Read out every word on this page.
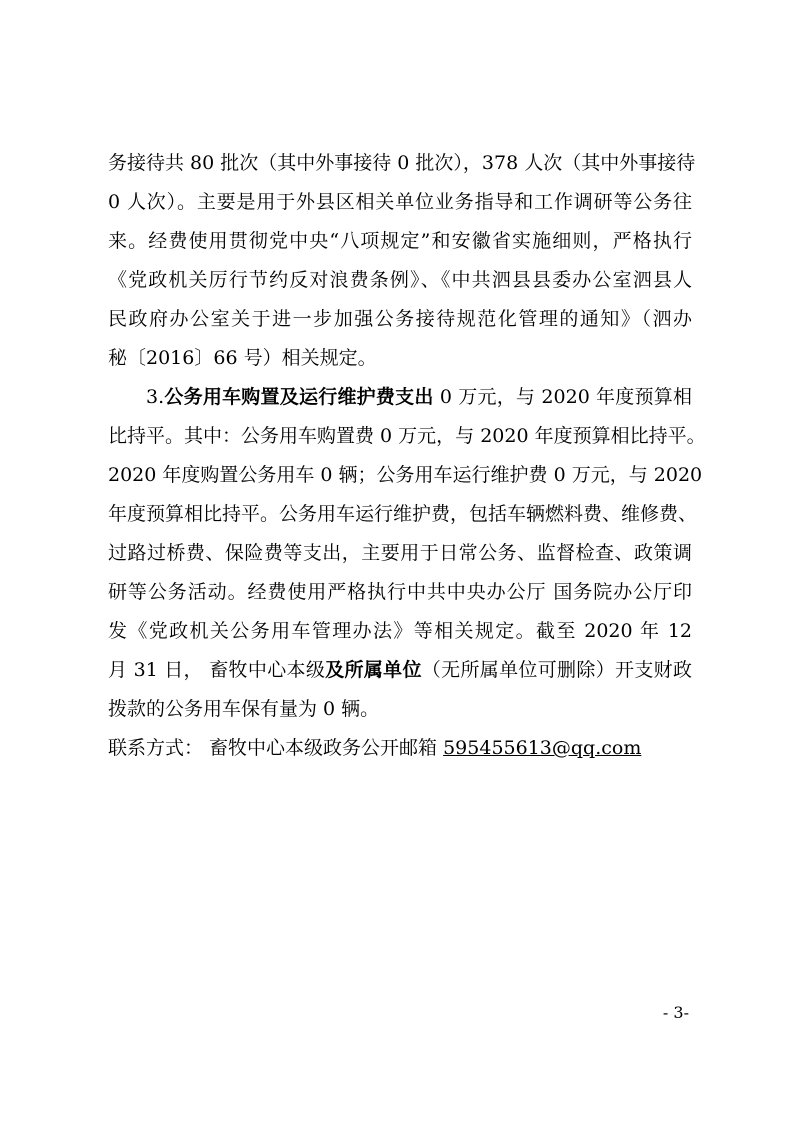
务接待共 80 批次（其中外事接待 0 批次），378 人次（其中外事接待
0 人次）。主要是用于外县区相关单位业务指导和工作调研等公务往
来。经费使用贯彻党中央“八项规定”和安徽省实施细则，严格执行
《党政机关厉行节约反对浪费条例》、《中共泗县县委办公室泗县人
民政府办公室关于进一步加强公务接待规范化管理的通知》（泗办
秘〔2016〕66 号）相关规定。
3.公务用车购置及运行维护费支出 0 万元，与 2020 年度预算相
比持平。其中：公务用车购置费 0 万元，与 2020 年度预算相比持平。
2020 年度购置公务用车 0 辆；公务用车运行维护费 0 万元，与 2020
年度预算相比持平。公务用车运行维护费，包括车辆燃料费、维修费、
过路过桥费、保险费等支出，主要用于日常公务、监督检查、政策调
研等公务活动。经费使用严格执行中共中央办公厅 国务院办公厅印
发《党政机关公务用车管理办法》等相关规定。截至 2020 年 12
月 31 日， 畜牧中心本级及所属单位（无所属单位可删除）开支财政
拨款的公务用车保有量为 0 辆。
联系方式： 畜牧中心本级政务公开邮箱 595455613@qq.com
- 3-
